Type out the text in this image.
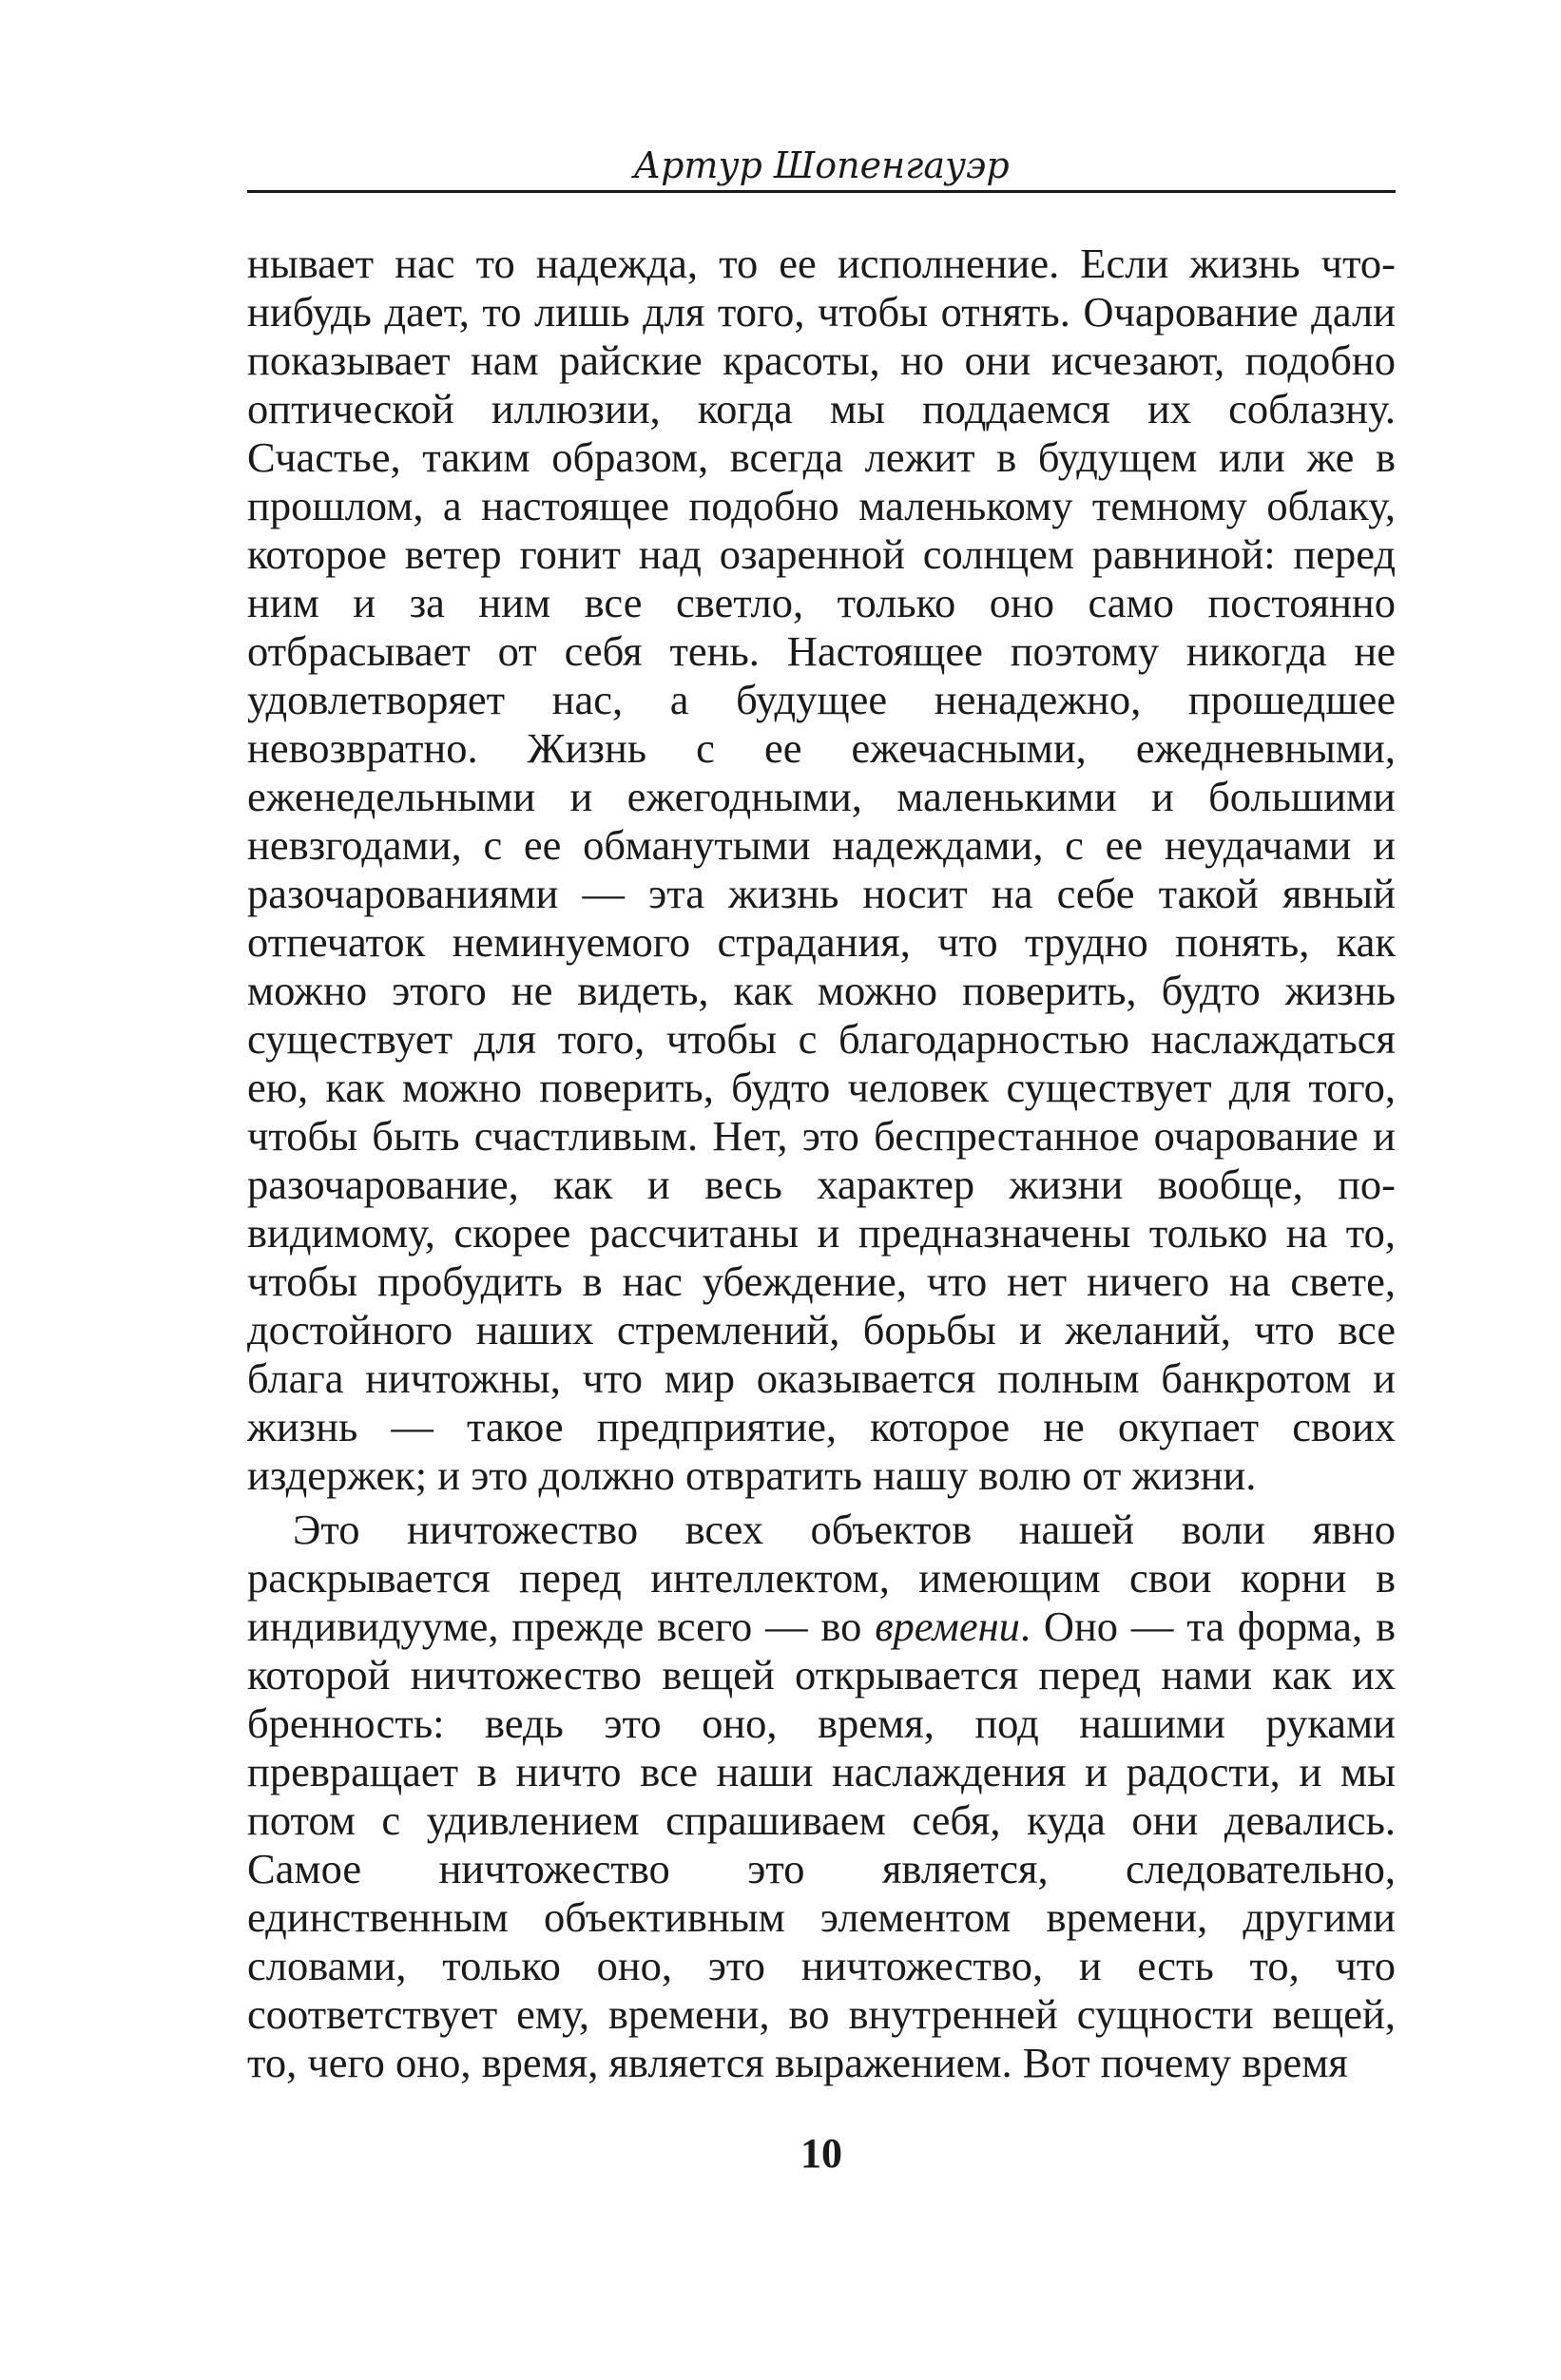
Артур Шопенгауэр

нывает нас то надежда, то ее исполнение. Если жизнь что-нибудь дает, то лишь для того, чтобы отнять. Очарование дали показывает нам райские красоты, но они исчезают, подобно оптической иллюзии, когда мы поддаемся их соблазну. Счастье, таким образом, всегда лежит в будущем или же в прошлом, а настоящее подобно маленькому темному облаку, которое ветер гонит над озаренной солнцем равниной: перед ним и за ним все светло, только оно само постоянно отбрасывает от себя тень. Настоящее поэтому никогда не удовлетворяет нас, а будущее ненадежно, прошедшее невозвратно. Жизнь с ее ежечасными, ежедневными, еженедельными и ежегодными, маленькими и большими невзгодами, с ее обманутыми надеждами, с ее неудачами и разочарованиями — эта жизнь носит на себе такой явный отпечаток неминуемого страдания, что трудно понять, как можно этого не видеть, как можно поверить, будто жизнь существует для того, чтобы с благодарностью наслаждаться ею, как можно поверить, будто человек существует для того, чтобы быть счастливым. Нет, это беспрестанное очарование и разочарование, как и весь характер жизни вообще, по-видимому, скорее рассчитаны и предназначены только на то, чтобы пробудить в нас убеждение, что нет ничего на свете, достойного наших стремлений, борьбы и желаний, что все блага ничтожны, что мир оказывается полным банкротом и жизнь — такое предприятие, которое не окупает своих издержек; и это должно отвратить нашу волю от жизни.

Это ничтожество всех объектов нашей воли явно раскрывается перед интеллектом, имеющим свои корни в индивидууме, прежде всего — во времени. Оно — та форма, в которой ничтожество вещей открывается перед нами как их бренность: ведь это оно, время, под нашими руками превращает в ничто все наши наслаждения и радости, и мы потом с удивлением спрашиваем себя, куда они девались. Самое ничтожество это является, следовательно, единственным объективным элементом времени, другими словами, только оно, это ничтожество, и есть то, что соответствует ему, времени, во внутренней сущности вещей, то, чего оно, время, является выражением. Вот почему время

10
